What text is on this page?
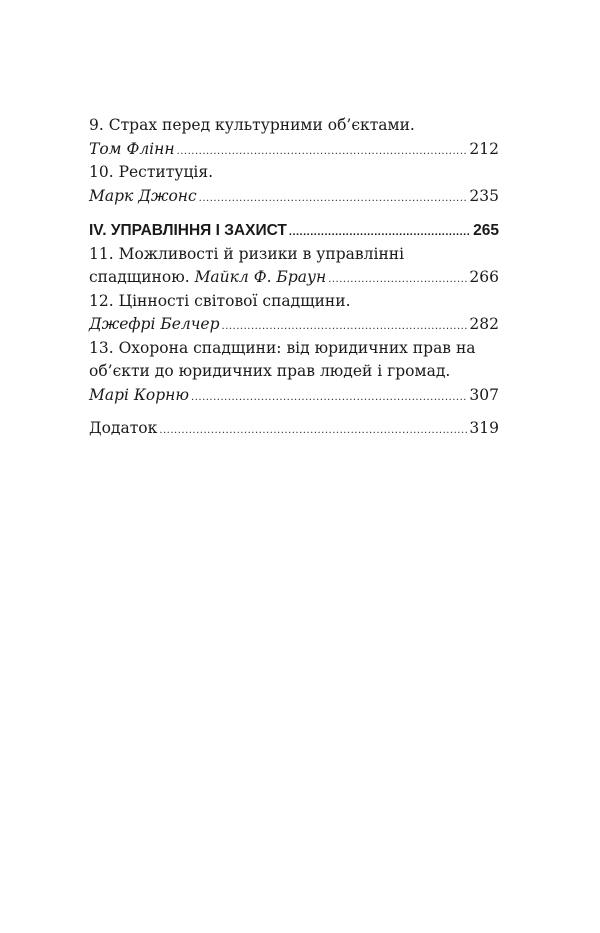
9. Страх перед культурними об’єктами.
Том Флінн .....	212
10. Реституція.
Марк Джонс .....	235
IV. УПРАВЛІННЯ І ЗАХИСТ .....	265
11. Можливості й ризики в управлінні
спадщиною.
Майкл Ф. Браун .....	266
12. Цінності світової спадщини.
Джефрі Белчер .....	282
13. Охорона спадщини: від юридичних прав на
об’єкти до юридичних прав людей і громад.
Марі Корню .....	307
Додаток .....	319
